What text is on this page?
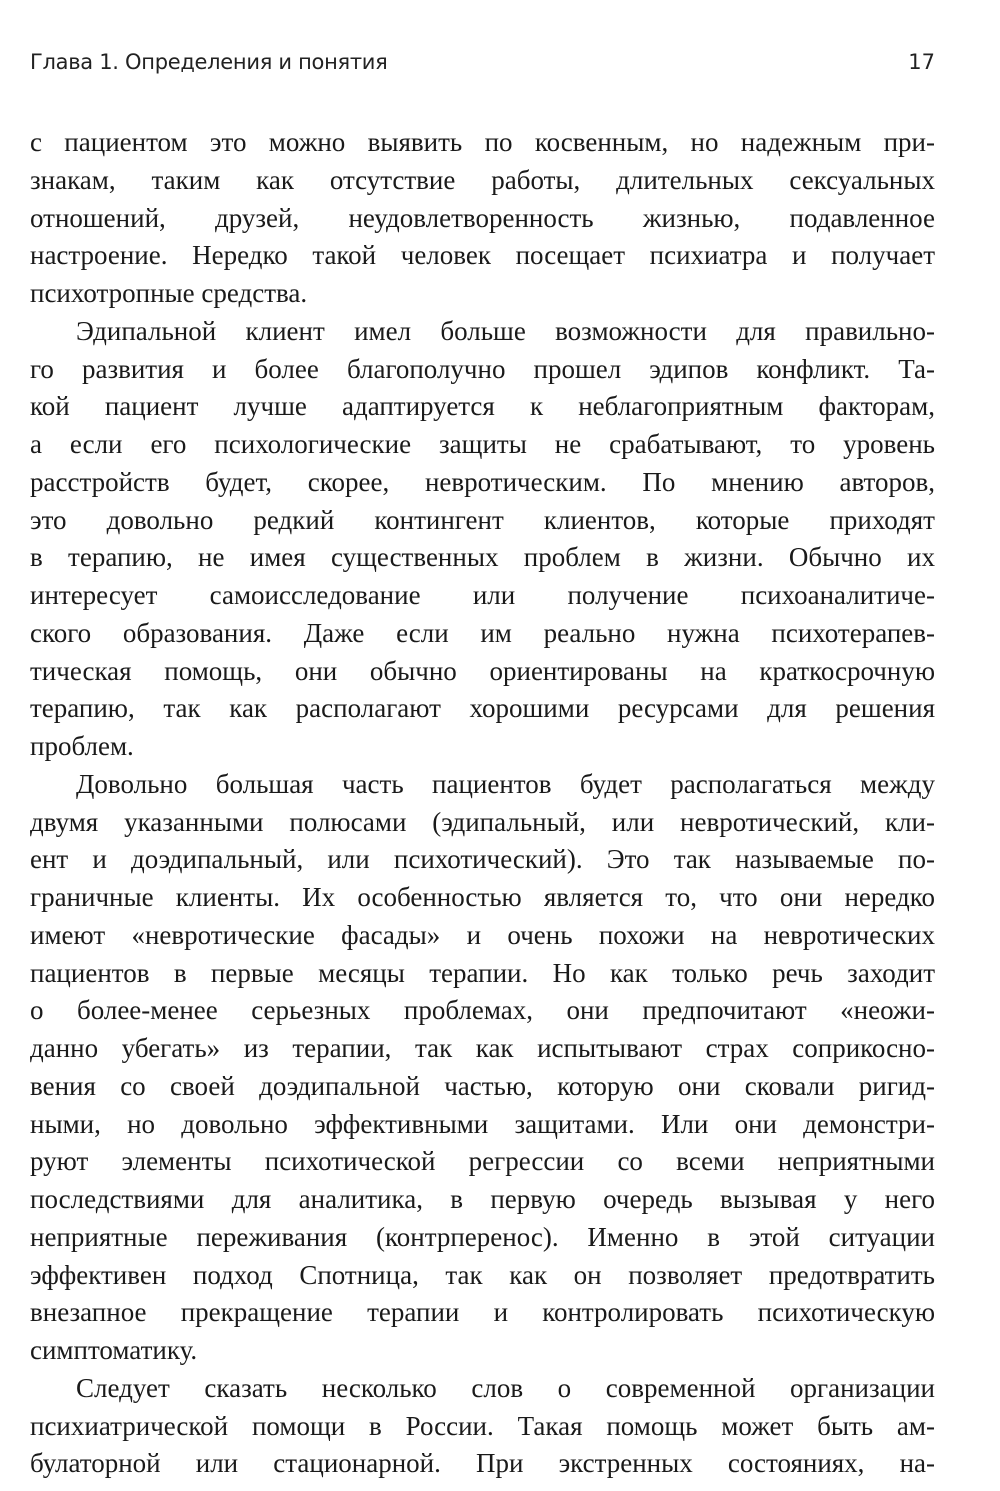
Глава 1. Определения и понятия	17
с пациентом это можно выявить по косвенным, но надежным при-
знакам, таким как отсутствие работы, длительных сексуальных
отношений, друзей, неудовлетворенность жизнью, подавленное
настроение. Нередко такой человек посещает психиатра и получает
психотропные средства.
Эдипальной клиент имел больше возможности для правильно-
го развития и более благополучно прошел эдипов конфликт. Та-
кой пациент лучше адаптируется к неблагоприятным факторам,
а если его психологические защиты не срабатывают, то уровень
расстройств будет, скорее, невротическим. По мнению авторов,
это довольно редкий контингент клиентов, которые приходят
в терапию, не имея существенных проблем в жизни. Обычно их
интересует самоисследование или получение психоаналитиче-
ского образования. Даже если им реально нужна психотерапев-
тическая помощь, они обычно ориентированы на краткосрочную
терапию, так как располагают хорошими ресурсами для решения
проблем.
Довольно большая часть пациентов будет располагаться между
двумя указанными полюсами (эдипальный, или невротический, кли-
ент и доэдипальный, или психотический). Это так называемые по-
граничные клиенты. Их особенностью является то, что они нередко
имеют «невротические фасады» и очень похожи на невротических
пациентов в первые месяцы терапии. Но как только речь заходит
о более-менее серьезных проблемах, они предпочитают «неожи-
данно убегать» из терапии, так как испытывают страх соприкосно-
вения со своей доэдипальной частью, которую они сковали ригид-
ными, но довольно эффективными защитами. Или они демонстри-
руют элементы психотической регрессии со всеми неприятными
последствиями для аналитика, в первую очередь вызывая у него
неприятные переживания (контрперенос). Именно в этой ситуации
эффективен подход Спотница, так как он позволяет предотвратить
внезапное прекращение терапии и контролировать психотическую
симптоматику.
Следует сказать несколько слов о современной организации
психиатрической помощи в России. Такая помощь может быть ам-
булаторной или стационарной. При экстренных состояниях, на-
